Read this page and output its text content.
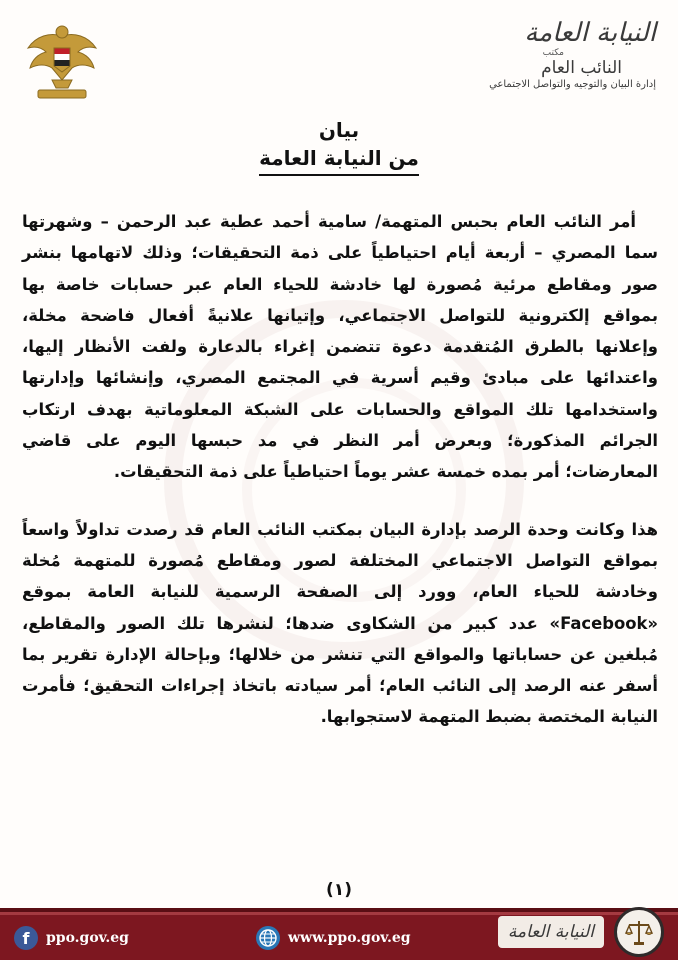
النيابة العامة
مكتب
النائب العام
إدارة البيان والتوجيه والتواصل الاجتماعي
بيان
من النيابة العامة

أمر النائب العام بحبس المتهمة/ سامية أحمد عطية عبد الرحمن – وشهرتها سما المصري – أربعة أيام احتياطياً على ذمة التحقيقات؛ وذلك لاتهامها بنشر صور ومقاطع مرئية مُصورة لها خادشة للحياء العام عبر حسابات خاصة بها بمواقع إلكترونية للتواصل الاجتماعي، وإتيانها علانيةً أفعال فاضحة مخلة، وإعلانها بالطرق المُتقدمة دعوة تتضمن إغراء بالدعارة ولفت الأنظار إليها، واعتدائها على مبادئ وقيم أسرية في المجتمع المصري، وإنشائها وإدارتها واستخدامها تلك المواقع والحسابات على الشبكة المعلوماتية بهدف ارتكاب الجرائم المذكورة؛ وبعرض أمر النظر في مد حبسها اليوم على قاضي المعارضات؛ أمر بمده خمسة عشر يوماً احتياطياً على ذمة التحقيقات.

هذا وكانت وحدة الرصد بإدارة البيان بمكتب النائب العام قد رصدت تداولاً واسعاً بمواقع التواصل الاجتماعي المختلفة لصور ومقاطع مُصورة للمتهمة مُخلة وخادشة للحياء العام، وورد إلى الصفحة الرسمية للنيابة العامة بموقع «Facebook» عدد كبير من الشكاوى ضدها؛ لنشرها تلك الصور والمقاطع، مُبلغين عن حساباتها والمواقع التي تنشر من خلالها؛ وبإحالة الإدارة تقرير بما أسفر عنه الرصد إلى النائب العام؛ أمر سيادته باتخاذ إجراءات التحقيق؛ فأمرت النيابة المختصة بضبط المتهمة لاستجوابها.

(١)
f	ppo.gov.eg	www.ppo.gov.eg	النيابة العامة
